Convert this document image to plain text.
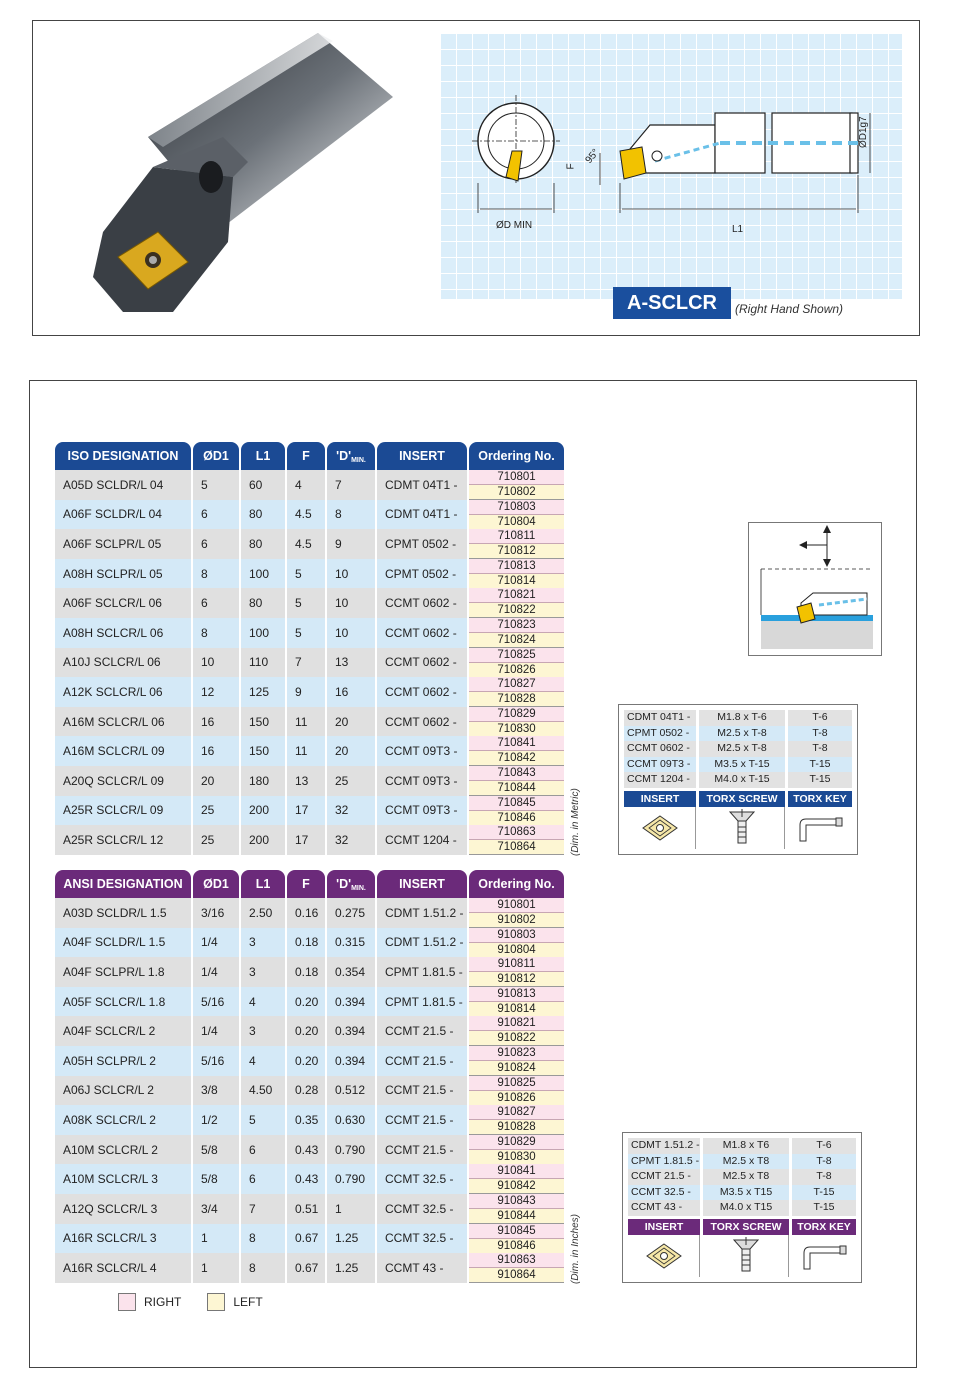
ØD MIN	L1
F
95°
ØD1g7
A-SCLCR	(Right Hand Shown)
ISO DESIGNATION	ØD1	L1	F	'$D'_{MIN.}$	INSERT	Ordering No.
A05D SCLDR/L 04	5	60	4	7	CDMT 04T1 -	710801
710802

A06F SCLDR/L 04	6	80	4.5	8	CDMT 04T1 -	710803
710804

A06F SCLPR/L 05	6	80	4.5	9	CPMT 0502 -	710811
710812

A08H SCLPR/L 05	8	100	5	10	CPMT 0502 -	710813
710814

A06F SCLCR/L 06	6	80	5	10	CCMT 0602 -	710821
710822

A08H SCLCR/L 06	8	100	5	10	CCMT 0602 -	710823
710824

A10J SCLCR/L 06	10	110	7	13	CCMT 0602 -	710825
710826

A12K SCLCR/L 06	12	125	9	16	CCMT 0602 -	710827
710828

A16M SCLCR/L 06	16	150	11	20	CCMT 0602 -	710829
710830

A16M SCLCR/L 09	16	150	11	20	CCMT 09T3 -	710841
710842

A20Q SCLCR/L 09	20	180	13	25	CCMT 09T3 -	710843
710844

A25R SCLCR/L 09	25	200	17	32	CCMT 09T3 -	710845
710846

A25R SCLCR/L 12	25	200	17	32	CCMT 1204 -	710863
710864	(Dim. in Metric)
ANSI DESIGNATION	ØD1	L1	F	'$D'_{MIN.}$	INSERT	Ordering No.
A03D SCLDR/L 1.5	3/16	2.50	0.16	0.275	CDMT 1.51.2 -	910801
910802

A04F SCLDR/L 1.5	1/4	3	0.18	0.315	CDMT 1.51.2 -	910803
910804

A04F SCLPR/L 1.8	1/4	3	0.18	0.354	CPMT 1.81.5 -	910811
910812

A05F SCLCR/L 1.8	5/16	4	0.20	0.394	CPMT 1.81.5 -	910813
910814

A04F SCLCR/L 2	1/4	3	0.20	0.394	CCMT 21.5 -	910821
910822

A05H SCLPR/L 2	5/16	4	0.20	0.394	CCMT 21.5 -	910823
910824

A06J SCLCR/L 2	3/8	4.50	0.28	0.512	CCMT 21.5 -	910825
910826

A08K SCLCR/L 2	1/2	5	0.35	0.630	CCMT 21.5 -	910827
910828

A10M SCLCR/L 2	5/8	6	0.43	0.790	CCMT 21.5 -	910829
910830

A10M SCLCR/L 3	5/8	6	0.43	0.790	CCMT 32.5 -	910841
910842

A12Q SCLCR/L 3	3/4	7	0.51	1	CCMT 32.5 -	910843
910844

A16R SCLCR/L 3	1	8	0.67	1.25	CCMT 32.5 -	910845
910846

A16R SCLCR/L 4	1	8	0.67	1.25	CCMT 43 -	910863
910864	(Dim. in Inches)
CDMT 04T1 -	M1.8 x T-6	T-6
CPMT 0502 -	M2.5 x T-8	T-8
CCMT 0602 -	M2.5 x T-8	T-8
CCMT 09T3 -	M3.5 x T-15	T-15
CCMT 1204 -	M4.0 x T-15	T-15
INSERT	TORX SCREW	TORX KEY
CDMT 1.51.2 -	M1.8 x T6	T-6
CPMT 1.81.5 -	M2.5 x T8	T-8
CCMT 21.5 -	M2.5 x T8	T-8
CCMT 32.5 -	M3.5 x T15	T-15
CCMT 43 -	M4.0 x T15	T-15
INSERT	TORX SCREW	TORX KEY
RIGHT	LEFT
